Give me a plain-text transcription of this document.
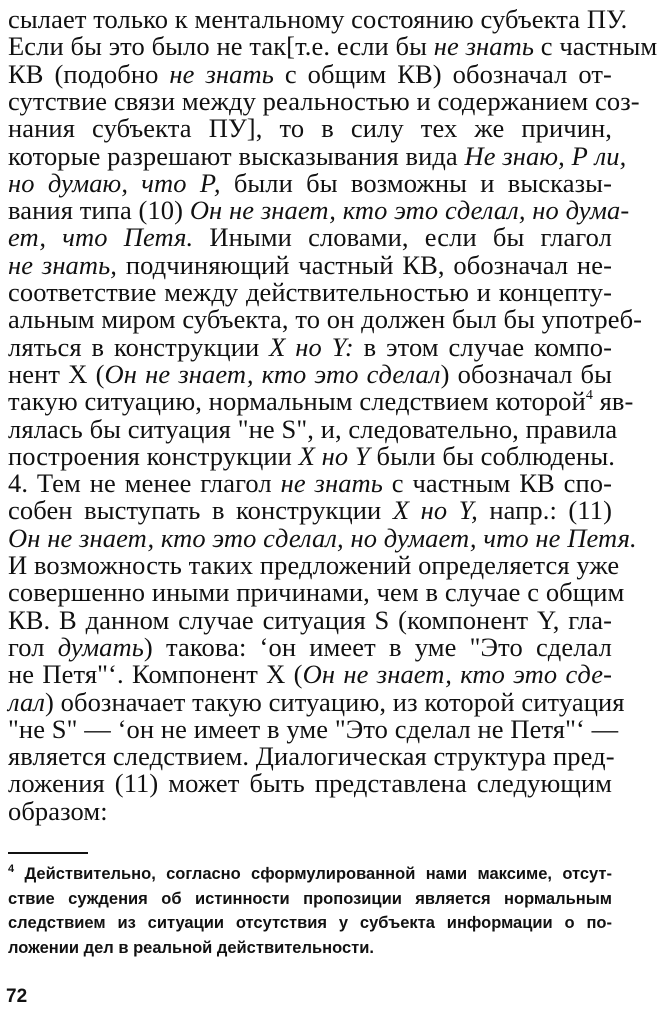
сылает только к ментальному состоянию субъекта ПУ.
Если бы это было не так[т.е. если бы не знать с частным
КВ (подобно не знать с общим КВ) обозначал от-
сутствие связи между реальностью и содержанием соз-
нания субъекта ПУ], то в силу тех же причин,
которые разрешают высказывания вида Не знаю, Р ли,
но думаю, что Р, были бы возможны и высказы-
вания типа (10) Он не знает, кто это сделал, но дума-
ет, что Петя. Иными словами, если бы глагол
не знать, подчиняющий частный КВ, обозначал не-
соответствие между действительностью и концепту-
альным миром субъекта, то он должен был бы употреб-
ляться в конструкции Х но Y: в этом случае компо-
нент X (Он не знает, кто это сделал) обозначал бы
такую ситуацию, нормальным следствием которой$^4$ яв-
лялась бы ситуация "не S", и, следовательно, правила
построения конструкции Х но Y были бы соблюдены.
4. Тем не менее глагол не знать с частным КВ спо-
собен выступать в конструкции Х но Y, напр.: (11)
Он не знает, кто это сделал, но думает, что не Петя.
И возможность таких предложений определяется уже
совершенно иными причинами, чем в случае с общим
КВ. В данном случае ситуация S (компонент Y, гла-
гол думать) такова: ‘он имеет в уме "Это сделал
не Петя"‘. Компонент X (Он не знает, кто это сде-
лал) обозначает такую ситуацию, из которой ситуация
"не S" — ‘он не имеет в уме "Это сделал не Петя"‘ —
является следствием. Диалогическая структура пред-
ложения (11) может быть представлена следующим
образом:
$^4$ Действительно, согласно сформулированной нами максиме, отсут-
ствие суждения об истинности пропозиции является нормальным
следствием из ситуации отсутствия у субъекта информации о по-
ложении дел в реальной действительности.
72
